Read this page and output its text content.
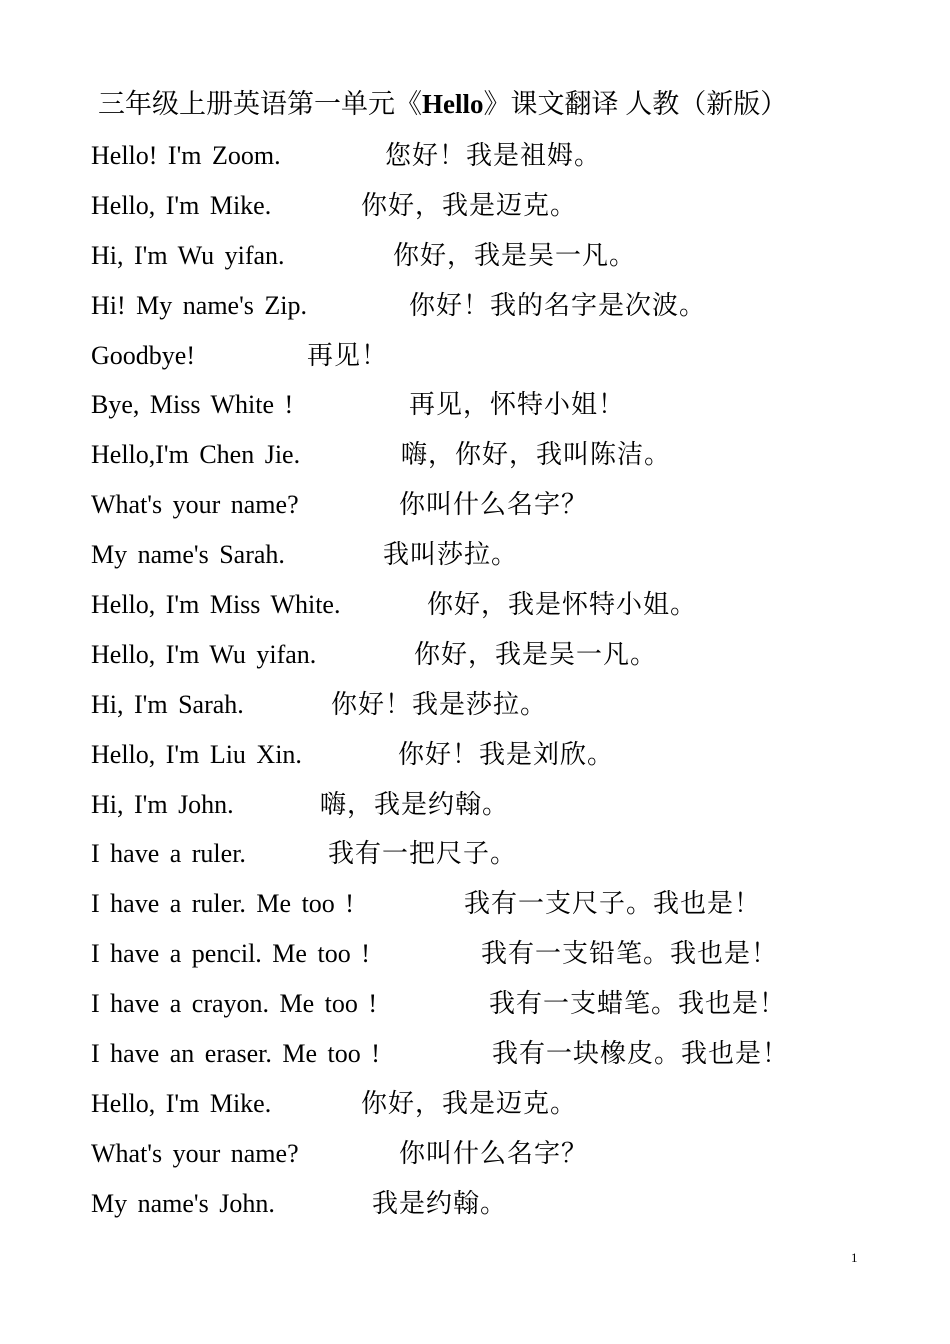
三年级上册英语第一单元《Hello》课文翻译 人教（新版）
Hello! I'm Zoom.	您好！我是祖姆。
Hello, I'm Mike.	你好，我是迈克。
Hi, I'm Wu yifan.	你好，我是吴一凡。
Hi! My name's Zip.	你好！我的名字是次波。
Goodbye!	再见！
Bye, Miss White !	再见，怀特小姐！
Hello,I'm Chen Jie.	嗨，你好，我叫陈洁。
What's your name?	你叫什么名字？
My name's Sarah.	我叫莎拉。
Hello, I'm Miss White.	你好，我是怀特小姐。
Hello, I'm Wu yifan.	你好，我是吴一凡。
Hi, I'm Sarah.	你好！我是莎拉。
Hello, I'm Liu Xin.	你好！我是刘欣。
Hi, I'm John.	嗨，我是约翰。
I have a ruler.	我有一把尺子。
I have a ruler. Me too !	我有一支尺子。我也是！
I have a pencil. Me too !	我有一支铅笔。我也是！
I have a crayon. Me too !	我有一支蜡笔。我也是！
I have an eraser. Me too !	我有一块橡皮。我也是！
Hello, I'm Mike.	你好，我是迈克。
What's your name?	你叫什么名字？
My name's John.	我是约翰。
1
